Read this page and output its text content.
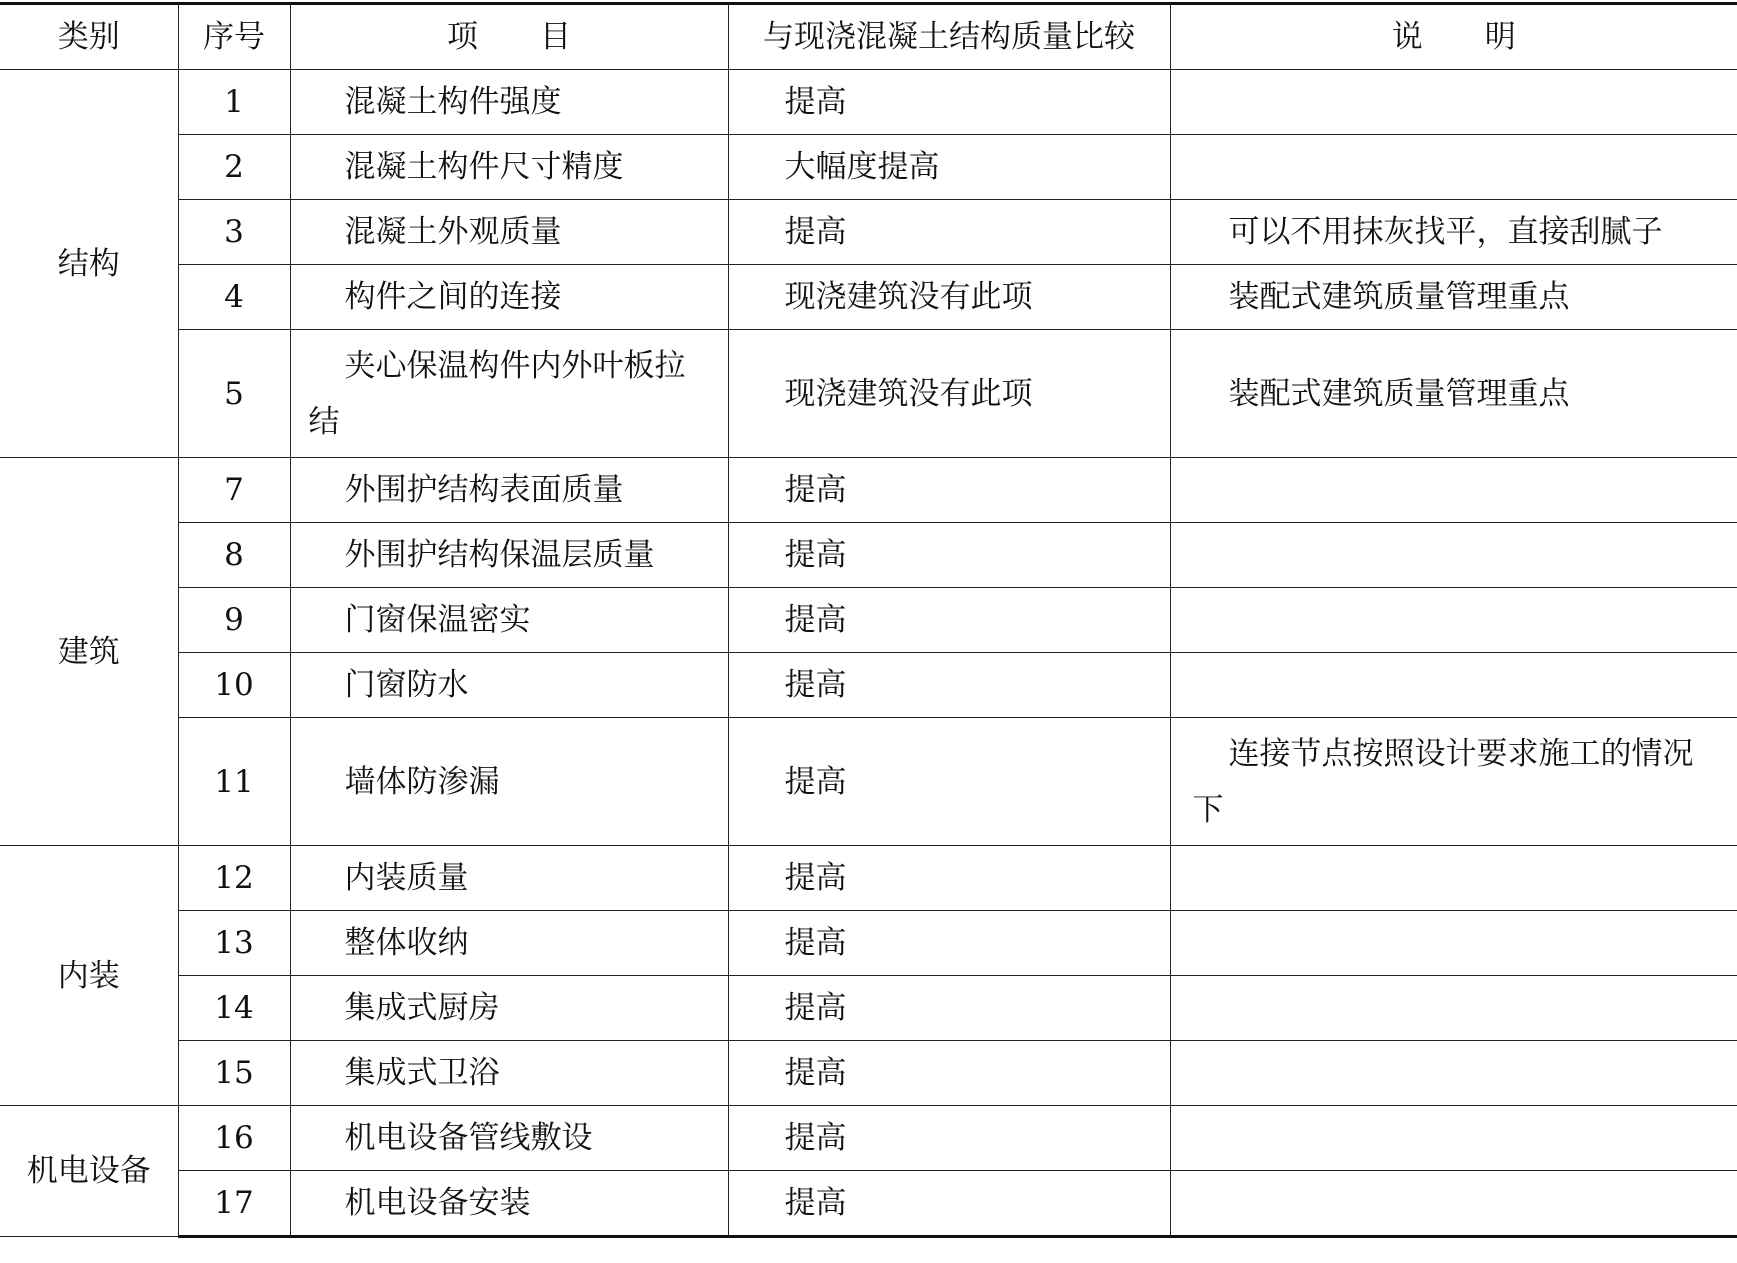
类别	序号	项　　目	与现浇混凝土结构质量比较	说　　明
结构	1	混凝土构件强度	提高	
	2	混凝土构件尺寸精度	大幅度提高	
	3	混凝土外观质量	提高	可以不用抹灰找平，直接刮腻子
	4	构件之间的连接	现浇建筑没有此项	装配式建筑质量管理重点
	5	夹心保温构件内外叶板拉结	现浇建筑没有此项	装配式建筑质量管理重点
建筑	7	外围护结构表面质量	提高	
	8	外围护结构保温层质量	提高	
	9	门窗保温密实	提高	
	10	门窗防水	提高	
	11	墙体防渗漏	提高	连接节点按照设计要求施工的情况下
内装	12	内装质量	提高	
	13	整体收纳	提高	
	14	集成式厨房	提高	
	15	集成式卫浴	提高	
机电设备	16	机电设备管线敷设	提高	
	17	机电设备安装	提高	
